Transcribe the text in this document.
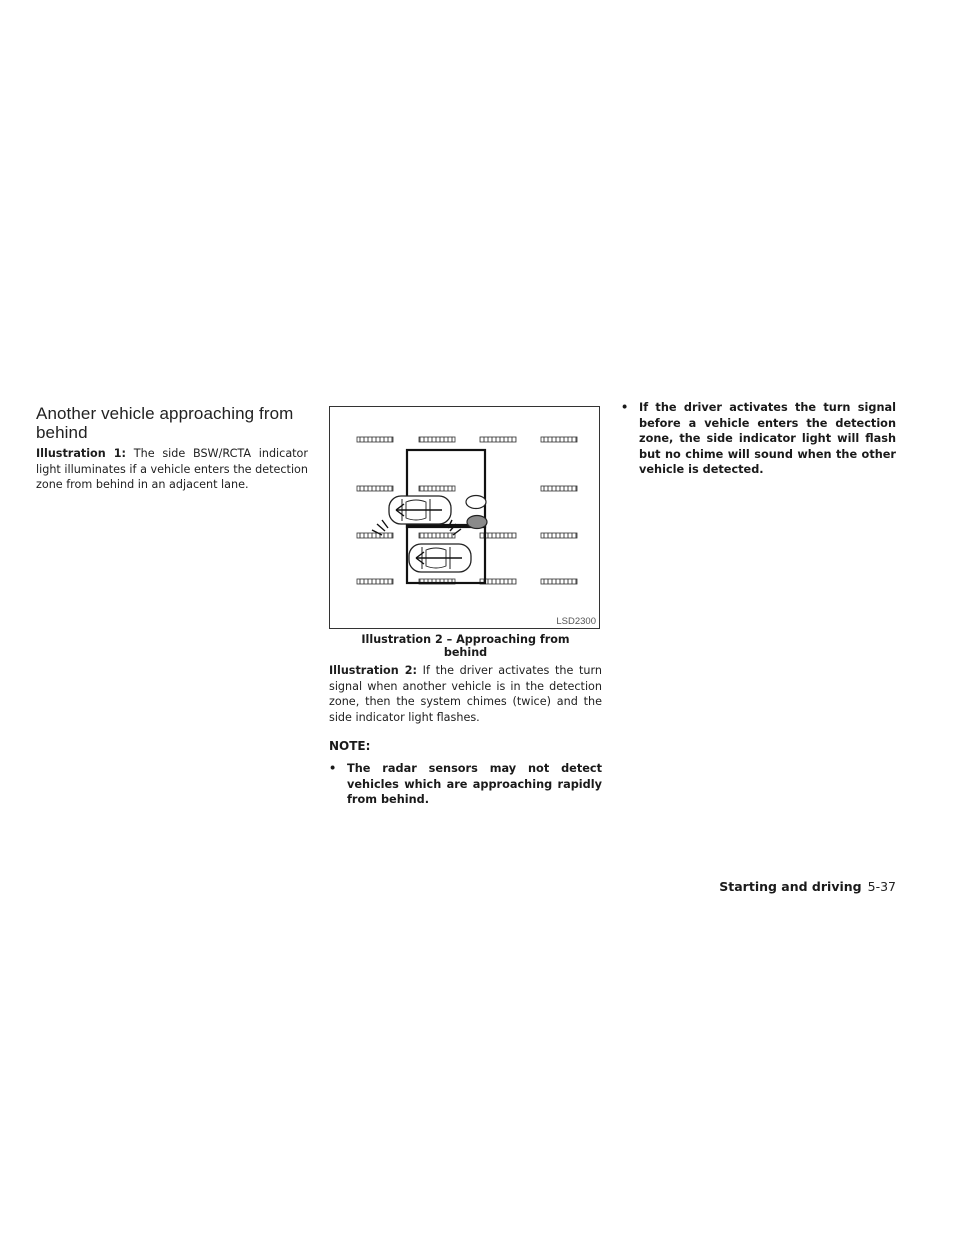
Another vehicle approaching from behind

Illustration 1: The side BSW/RCTA indicator light illuminates if a vehicle enters the detection zone from behind in an adjacent lane.

LSD2300
Illustration 2 – Approaching from behind

Illustration 2: If the driver activates the turn signal when another vehicle is in the detection zone, then the system chimes (twice) and the side indicator light flashes.

NOTE:

• The radar sensors may not detect vehicles which are approaching rapidly from behind.

• If the driver activates the turn signal before a vehicle enters the detection zone, the side indicator light will flash but no chime will sound when the other vehicle is detected.

Starting and driving 5-37
